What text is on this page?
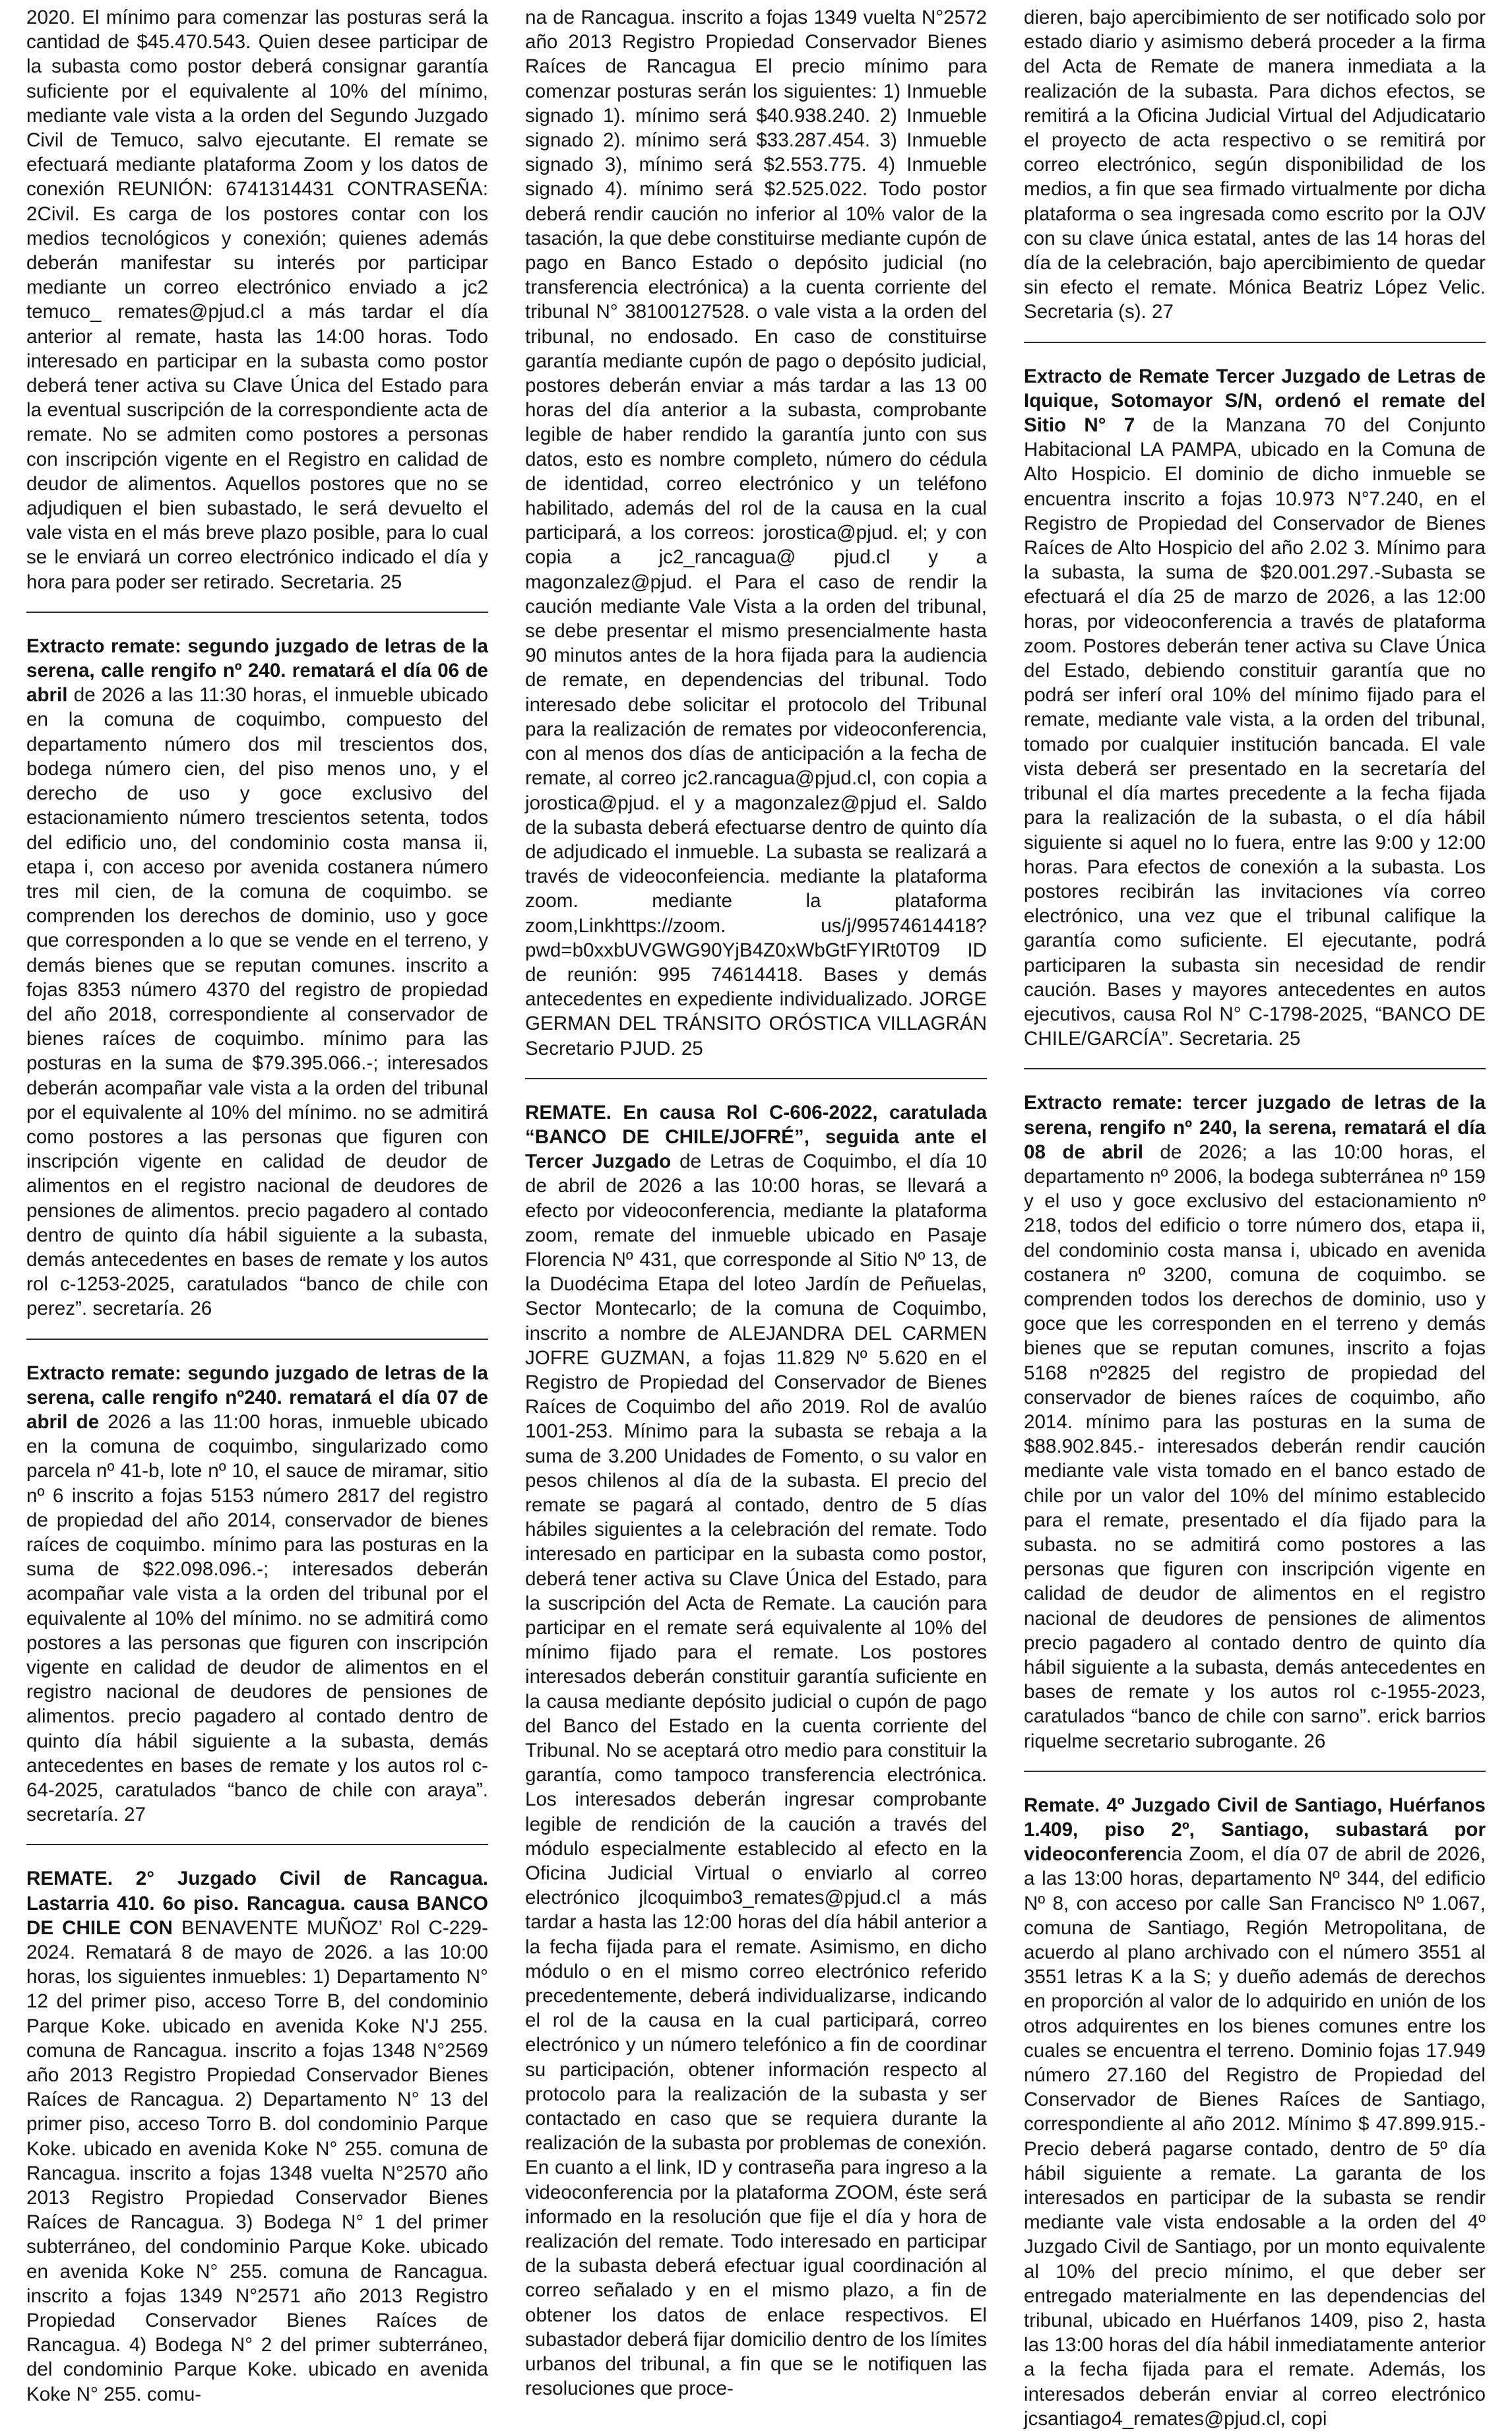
2020. El mínimo para comenzar las posturas será la cantidad de $45.470.543. Quien desee participar de la subasta como postor deberá consignar garantía suficiente por el equivalente al 10% del mínimo, mediante vale vista a la orden del Segundo Juzgado Civil de Temuco, salvo ejecutante. El remate se efectuará mediante plataforma Zoom y los datos de conexión REUNIÓN: 6741314431 CONTRASEÑA: 2Civil. Es carga de los postores contar con los medios tecnológicos y conexión; quienes además deberán manifestar su interés por participar mediante un correo electrónico enviado a jc2 temuco_ remates@pjud.cl a más tardar el día anterior al remate, hasta las 14:00 horas. Todo interesado en participar en la subasta como postor deberá tener activa su Clave Única del Estado para la eventual suscripción de la correspondiente acta de remate. No se admiten como postores a personas con inscripción vigente en el Registro en calidad de deudor de alimentos. Aquellos postores que no se adjudiquen el bien subastado, le será devuelto el vale vista en el más breve plazo posible, para lo cual se le enviará un correo electrónico indicado el día y hora para poder ser retirado. Secretaria. 25

Extracto remate: segundo juzgado de letras de la serena, calle rengifo nº 240. rematará el día 06 de abril de 2026 a las 11:30 horas, el inmueble ubicado en la comuna de coquimbo, compuesto del departamento número dos mil trescientos dos, bodega número cien, del piso menos uno, y el derecho de uso y goce exclusivo del estacionamiento número trescientos setenta, todos del edificio uno, del condominio costa mansa ii, etapa i, con acceso por avenida costanera número tres mil cien, de la comuna de coquimbo. se comprenden los derechos de dominio, uso y goce que corresponden a lo que se vende en el terreno, y demás bienes que se reputan comunes. inscrito a fojas 8353 número 4370 del registro de propiedad del año 2018, correspondiente al conservador de bienes raíces de coquimbo. mínimo para las posturas en la suma de $79.395.066.-; interesados deberán acompañar vale vista a la orden del tribunal por el equivalente al 10% del mínimo. no se admitirá como postores a las personas que figuren con inscripción vigente en calidad de deudor de alimentos en el registro nacional de deudores de pensiones de alimentos. precio pagadero al contado dentro de quinto día hábil siguiente a la subasta, demás antecedentes en bases de remate y los autos rol c-1253-2025, caratulados “banco de chile con perez”. secretaría. 26

Extracto remate: segundo juzgado de letras de la serena, calle rengifo nº240. rematará el día 07 de abril de 2026 a las 11:00 horas, inmueble ubicado en la comuna de coquimbo, singularizado como parcela nº 41-b, lote nº 10, el sauce de miramar, sitio nº 6 inscrito a fojas 5153 número 2817 del registro de propiedad del año 2014, conservador de bienes raíces de coquimbo. mínimo para las posturas en la suma de $22.098.096.-; interesados deberán acompañar vale vista a la orden del tribunal por el equivalente al 10% del mínimo. no se admitirá como postores a las personas que figuren con inscripción vigente en calidad de deudor de alimentos en el registro nacional de deudores de pensiones de alimentos. precio pagadero al contado dentro de quinto día hábil siguiente a la subasta, demás antecedentes en bases de remate y los autos rol c-64-2025, caratulados “banco de chile con araya”. secretaría. 27

REMATE. 2° Juzgado Civil de Rancagua. Lastarria 410. 6o piso. Rancagua. causa BANCO DE CHILE CON BENAVENTE MUÑOZ’ Rol C-229-2024. Rematará 8 de mayo de 2026. a las 10:00 horas, los siguientes inmuebles: 1) Departamento N° 12 del primer piso, acceso Torre B, del condominio Parque Koke. ubicado en avenida Koke N'J 255. comuna de Rancagua. inscrito a fojas 1348 N°2569 año 2013 Registro Propiedad Conservador Bienes Raíces de Rancagua. 2) Departamento N° 13 del primer piso, acceso Torro B. dol condominio Parque Koke. ubicado en avenida Koke N° 255. comuna de Rancagua. inscrito a fojas 1348 vuelta N°2570 año 2013 Registro Propiedad Conservador Bienes Raíces de Rancagua. 3) Bodega N° 1 del primer subterráneo, del condominio Parque Koke. ubicado en avenida Koke N° 255. comuna de Rancagua. inscrito a fojas 1349 N°2571 año 2013 Registro Propiedad Conservador Bienes Raíces de Rancagua. 4) Bodega N° 2 del primer subterráneo, del condominio Parque Koke. ubicado en avenida Koke N° 255. comu-

na de Rancagua. inscrito a fojas 1349 vuelta N°2572 año 2013 Registro Propiedad Conservador Bienes Raíces de Rancagua El precio mínimo para comenzar posturas serán los siguientes: 1) Inmueble signado 1). mínimo será $40.938.240. 2) Inmueble signado 2). mínimo será $33.287.454. 3) Inmueble signado 3), mínimo será $2.553.775. 4) Inmueble signado 4). mínimo será $2.525.022. Todo postor deberá rendir caución no inferior al 10% valor de la tasación, la que debe constituirse mediante cupón de pago en Banco Estado o depósito judicial (no transferencia electrónica) a la cuenta corriente del tribunal N° 38100127528. o vale vista a la orden del tribunal, no endosado. En caso de constituirse garantía mediante cupón de pago o depósito judicial, postores deberán enviar a más tardar a las 13 00 horas del día anterior a la subasta, comprobante legible de haber rendido la garantía junto con sus datos, esto es nombre completo, número do cédula de identidad, correo electrónico y un teléfono habilitado, además del rol de la causa en la cual participará, a los correos: jorostica@pjud. el; y con copia a jc2_rancagua@ pjud.cl y a magonzalez@pjud. el Para el caso de rendir la caución mediante Vale Vista a la orden del tribunal, se debe presentar el mismo presencialmente hasta 90 minutos antes de la hora fijada para la audiencia de remate, en dependencias del tribunal. Todo interesado debe solicitar el protocolo del Tribunal para la realización de remates por videoconferencia, con al menos dos días de anticipación a la fecha de remate, al correo jc2.rancagua@pjud.cl, con copia a jorostica@pjud. el y a magonzalez@pjud el. Saldo de la subasta deberá efectuarse dentro de quinto día de adjudicado el inmueble. La subasta se realizará a través de videoconfeiencia. mediante la plataforma zoom. mediante la plataforma zoom,Linkhttps://zoom. us/j/99574614418?pwd=b0xxbUVGWG90YjB4Z0xWbGtFYIRt0T09 ID de reunión: 995 74614418. Bases y demás antecedentes en expediente individualizado. JORGE GERMAN DEL TRÁNSITO ORÓSTICA VILLAGRÁN Secretario PJUD. 25

REMATE. En causa Rol C-606-2022, caratulada “BANCO DE CHILE/JOFRÉ”, seguida ante el Tercer Juzgado de Letras de Coquimbo, el día 10 de abril de 2026 a las 10:00 horas, se llevará a efecto por videoconferencia, mediante la plataforma zoom, remate del inmueble ubicado en Pasaje Florencia Nº 431, que corresponde al Sitio Nº 13, de la Duodécima Etapa del loteo Jardín de Peñuelas, Sector Montecarlo; de la comuna de Coquimbo, inscrito a nombre de ALEJANDRA DEL CARMEN JOFRE GUZMAN, a fojas 11.829 Nº 5.620 en el Registro de Propiedad del Conservador de Bienes Raíces de Coquimbo del año 2019. Rol de avalúo 1001-253. Mínimo para la subasta se rebaja a la suma de 3.200 Unidades de Fomento, o su valor en pesos chilenos al día de la subasta. El precio del remate se pagará al contado, dentro de 5 días hábiles siguientes a la celebración del remate. Todo interesado en participar en la subasta como postor, deberá tener activa su Clave Única del Estado, para la suscripción del Acta de Remate. La caución para participar en el remate será equivalente al 10% del mínimo fijado para el remate. Los postores interesados deberán constituir garantía suficiente en la causa mediante depósito judicial o cupón de pago del Banco del Estado en la cuenta corriente del Tribunal. No se aceptará otro medio para constituir la garantía, como tampoco transferencia electrónica. Los interesados deberán ingresar comprobante legible de rendición de la caución a través del módulo especialmente establecido al efecto en la Oficina Judicial Virtual o enviarlo al correo electrónico jlcoquimbo3_remates@pjud.cl a más tardar a hasta las 12:00 horas del día hábil anterior a la fecha fijada para el remate. Asimismo, en dicho módulo o en el mismo correo electrónico referido precedentemente, deberá individualizarse, indicando el rol de la causa en la cual participará, correo electrónico y un número telefónico a fin de coordinar su participación, obtener información respecto al protocolo para la realización de la subasta y ser contactado en caso que se requiera durante la realización de la subasta por problemas de conexión. En cuanto a el link, ID y contraseña para ingreso a la videoconferencia por la plataforma ZOOM, éste será informado en la resolución que fije el día y hora de realización del remate. Todo interesado en participar de la subasta deberá efectuar igual coordinación al correo señalado y en el mismo plazo, a fin de obtener los datos de enlace respectivos. El subastador deberá fijar domicilio dentro de los límites urbanos del tribunal, a fin que se le notifiquen las resoluciones que proce-

dieren, bajo apercibimiento de ser notificado solo por estado diario y asimismo deberá proceder a la firma del Acta de Remate de manera inmediata a la realización de la subasta. Para dichos efectos, se remitirá a la Oficina Judicial Virtual del Adjudicatario el proyecto de acta respectivo o se remitirá por correo electrónico, según disponibilidad de los medios, a fin que sea firmado virtualmente por dicha plataforma o sea ingresada como escrito por la OJV con su clave única estatal, antes de las 14 horas del día de la celebración, bajo apercibimiento de quedar sin efecto el remate. Mónica Beatriz López Velic. Secretaria (s). 27

Extracto de Remate Tercer Juzgado de Letras de Iquique, Sotomayor S/N, ordenó el remate del Sitio N° 7 de la Manzana 70 del Conjunto Habitacional LA PAMPA, ubicado en la Comuna de Alto Hospicio. El dominio de dicho inmueble se encuentra inscrito a fojas 10.973 N°7.240, en el Registro de Propiedad del Conservador de Bienes Raíces de Alto Hospicio del año 2.02 3. Mínimo para la subasta, la suma de $20.001.297.-Subasta se efectuará el día 25 de marzo de 2026, a las 12:00 horas, por videoconferencia a través de plataforma zoom. Postores deberán tener activa su Clave Única del Estado, debiendo constituir garantía que no podrá ser inferí oral 10% del mínimo fijado para el remate, mediante vale vista, a la orden del tribunal, tomado por cualquier institución bancada. El vale vista deberá ser presentado en la secretaría del tribunal el día martes precedente a la fecha fijada para la realización de la subasta, o el día hábil siguiente si aquel no lo fuera, entre las 9:00 y 12:00 horas. Para efectos de conexión a la subasta. Los postores recibirán las invitaciones vía correo electrónico, una vez que el tribunal califique la garantía como suficiente. El ejecutante, podrá participaren la subasta sin necesidad de rendir caución. Bases y mayores antecedentes en autos ejecutivos, causa Rol N° C-1798-2025, “BANCO DE CHILE/GARCÍA”. Secretaria. 25

Extracto remate: tercer juzgado de letras de la serena, rengifo nº 240, la serena, rematará el día 08 de abril de 2026; a las 10:00 horas, el departamento nº 2006, la bodega subterránea nº 159 y el uso y goce exclusivo del estacionamiento nº 218, todos del edificio o torre número dos, etapa ii, del condominio costa mansa i, ubicado en avenida costanera nº 3200, comuna de coquimbo. se comprenden todos los derechos de dominio, uso y goce que les corresponden en el terreno y demás bienes que se reputan comunes, inscrito a fojas 5168 nº2825 del registro de propiedad del conservador de bienes raíces de coquimbo, año 2014. mínimo para las posturas en la suma de $88.902.845.- interesados deberán rendir caución mediante vale vista tomado en el banco estado de chile por un valor del 10% del mínimo establecido para el remate, presentado el día fijado para la subasta. no se admitirá como postores a las personas que figuren con inscripción vigente en calidad de deudor de alimentos en el registro nacional de deudores de pensiones de alimentos precio pagadero al contado dentro de quinto día hábil siguiente a la subasta, demás antecedentes en bases de remate y los autos rol c-1955-2023, caratulados “banco de chile con sarno”. erick barrios riquelme secretario subrogante. 26

Remate. 4º Juzgado Civil de Santiago, Huérfanos 1.409, piso 2º, Santiago, subastará por videoconferencia Zoom, el día 07 de abril de 2026, a las 13:00 horas, departamento Nº 344, del edificio Nº 8, con acceso por calle San Francisco Nº 1.067, comuna de Santiago, Región Metropolitana, de acuerdo al plano archivado con el número 3551 al 3551 letras K a la S; y dueño además de derechos en proporción al valor de lo adquirido en unión de los otros adquirentes en los bienes comunes entre los cuales se encuentra el terreno. Dominio fojas 17.949 número 27.160 del Registro de Propiedad del Conservador de Bienes Raíces de Santiago, correspondiente al año 2012. Mínimo $ 47.899.915.- Precio deberá pagarse contado, dentro de 5º día hábil siguiente a remate. La garanta de los interesados en participar de la subasta se rendir mediante vale vista endosable a la orden del 4º Juzgado Civil de Santiago, por un monto equivalente al 10% del precio mínimo, el que deber ser entregado materialmente en las dependencias del tribunal, ubicado en Huérfanos 1409, piso 2, hasta las 13:00 horas del día hábil inmediatamente anterior a la fecha fijada para el remate. Además, los interesados deberán enviar al correo electrónico jcsantiago4_remates@pjud.cl, copi
